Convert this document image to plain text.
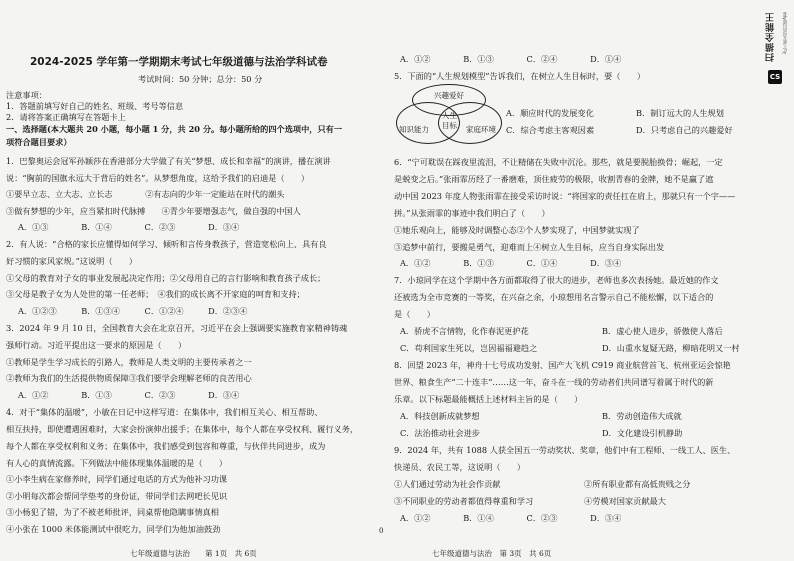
2024-2025 学年第一学期期末考试七年级道德与法治学科试卷
考试时间：50 分钟；总分：50 分
注意事项：
1．答题前填写好自己的姓名、班级、考号等信息
2．请将答案正确填写在答题卡上
一、选择题(本大题共 20 小题，每小题 1 分，共 20 分。每小题所给的四个选项中，只有一
项符合题目要求）
1．巴黎奥运会冠军孙颖莎在香港部分大学做了有关“梦想、成长和幸福”的演讲，播在演讲
说：“胸前的国旗永远大于背后的姓名”。从梦想角度，这给予我们的启迪是（　　）
①要早立志、立大志、立长志　　　　②有志向的少年一定能站在时代的潮头
③做有梦想的少年，应当紧扣时代脉搏　　④青少年要增强志气，做自强的中国人
A．①③　　　　B．①④　　　　C．②③　　　　D．③④
2．有人说：“合格的家长应懂得如何学习、倾听和言传身教孩子，营造宽松向上、具有良
好习惯的家风家规。”这说明（　　）
①父母的教育对子女的事业发展起决定作用；②父母用自己的言行影响和教育孩子成长；
③父母是教子女为人处世的第一任老师；　④我们的成长离不开家庭的呵育和支持；
A．①②③　　　B．①③④　　　C．①②④　　　D．②③④
3．2024 年 9 月 10 日，全国教育大会在北京召开，习近平在会上强调要实施教育家精神铸魂
强师行动。习近平提出这一要求的原因是（　　）
①教师是学生学习成长的引路人，教师是人类文明的主要传承者之一
②教师为我们的生活提供物质保障③我们要学会理解老师的良苦用心
A．①②　　　　B．①③　　　　C．②③　　　　D．③④
4．对于“集体的温暖”，小敏在日记中这样写道：在集体中，我们相互关心、相互帮助、
相互扶持，即使遭遇困难时，大家会扮演伸出援手；在集体中，每个人都在享受权利、履行义务，
每个人都在享受权利和义务；在集体中，我们感受到包容和尊重，与伙伴共同进步，成为
有人心的真情流露。下列做法中能体现集体温暖的是（　　）
①小李生病在家修养时，同学们通过电话的方式为他补习功课
②小明每次都会帮同学垫考的身份证，带同学们去网吧长见识
③小杨犯了错，为了不被老师批评，同桌帮他隐瞒事情真相
④小张在 1000 米体能测试中很吃力，同学们为他加油鼓劲
七年级道德与法治　　第 1页　共 6页
0
A．①②　　　　B．①③　　　　C．②④　　　　D．①④
5．下面的“人生规划模型”告诉我们，在树立人生目标时，要（　　）
兴趣爱好
知识能力	家庭环境
人生
目标
A．顺应时代的发展变化	B．制订远大的人生规划
C．综合考虑主客观因素	D．只考虑自己的兴趣爱好
6．“宁可耽误在踩夜里流泪，不让精储在失败中沉沦。那些，就是要脱胎换骨；崛起，一定
是蜕变之后。”张雨霏历经了一番磨难，顶住疲劳的极限，收割青春的金牌，她不是赢了遮
动中国 2023 年度人物张雨霏在接受采访时说：“将国家的责任扛在肩上，那就只有一个字——
拼。”从张雨霏的事迹中我们明白了（　　）
①她乐观向上，能够及时调整心态②个人梦实现了，中国梦就实现了
③追梦中前行，要搬是勇气，迎难而上④树立人生目标，应当自身实际出发
A．①②　　　　B．①③　　　　C．①④　　　　D．③④
7．小琼同学在这个学期中各方面都取得了很大的进步，老师也多次表扬她。最近她的作文
还被选为全市竞赛的一等奖，在兴奋之余，小琼想用名言警示自己不能松懈，以下适合的
是（　　）
A．骄虎不言情物，化作春泥更护花	B．虚心使人进步，骄傲使人落后
C．苟利国家生死以，岂因福福避趋之	D．山重水复疑无路，柳暗花明又一村
8．回望 2023 年，神舟十七号成功发射、国产大飞机 C919 商业航营首飞、杭州亚运会惊艳
世界、粮食生产“二十连丰”……这一年，奋斗在一线的劳动者们共同谱写着属于时代的新
乐章。以下标题最能概括上述材料主旨的是（　　）
A．科技创新成就梦想	B．劳动创造伟大成就
C．法治推动社会进步	D．文化建设引机静助
9．2024 年，共有 1088 人获全国五一劳动奖状、奖章，他们中有工程师、一线工人、医生、
快递员、农民工等，这说明（　　）
①人们通过劳动为社会作贡献	②所有职业都有高低贵贱之分
③不同职业的劳动者都值得尊重和学习	④劳模对国家贡献最大
A．①②　　　　B．①④　　　　C．②③　　　　D．③④
七年级道德与法治　第 3页　共 6页
扫描全能王	3亿人都在用的扫描App
CS
